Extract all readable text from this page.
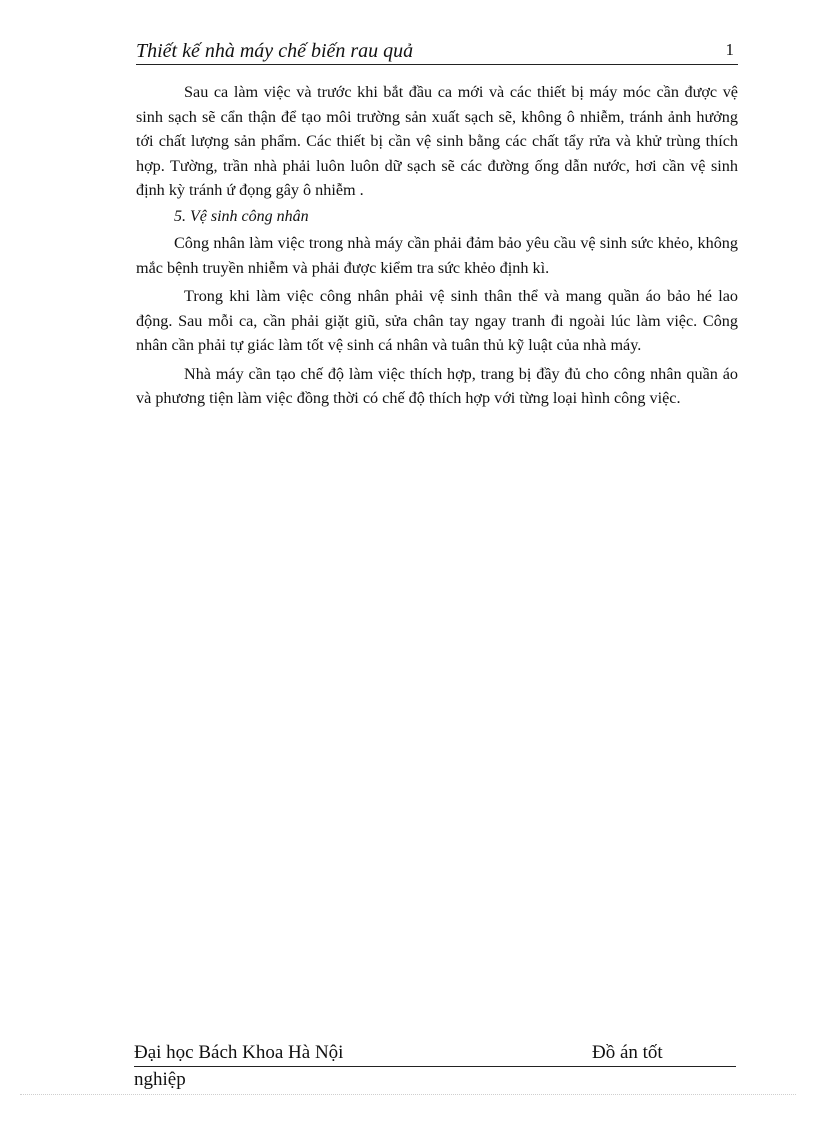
Thiết kế nhà máy chế biến rau quả	1

Sau ca làm việc và trước khi bắt đầu ca mới và các thiết bị máy móc cần được vệ sinh sạch sẽ cẩn thận để tạo môi trường sản xuất sạch sẽ, không ô nhiễm, tránh ảnh hưởng tới chất lượng sản phẩm. Các thiết bị cần vệ sinh bằng các chất tẩy rửa và khử trùng thích hợp. Tường, trần nhà phải luôn luôn dữ sạch sẽ các đường ống dẫn nước, hơi cần vệ sinh định kỳ tránh ứ đọng gây ô nhiễm .

5. Vệ sinh công nhân

Công nhân làm việc trong nhà máy cần phải đảm bảo yêu cầu vệ sinh sức khẻo, không mắc bệnh truyền nhiễm và phải được kiểm tra sức khẻo định kì.

Trong khi làm việc công nhân phải vệ sinh thân thể và mang quần áo bảo hé lao động. Sau mỗi ca, cần phải giặt giũ, sửa chân tay ngay tranh đi ngoài lúc làm việc. Công nhân cần phải tự giác làm tốt vệ sinh cá nhân và tuân thủ kỹ luật của nhà máy.

Nhà máy cần tạo chế độ làm việc thích hợp, trang bị đầy đủ cho công nhân quần áo và phương tiện làm việc đồng thời có chế độ thích hợp với từng loại hình công việc.

Đại học Bách Khoa Hà Nội	Đồ án tốt
nghiệp
